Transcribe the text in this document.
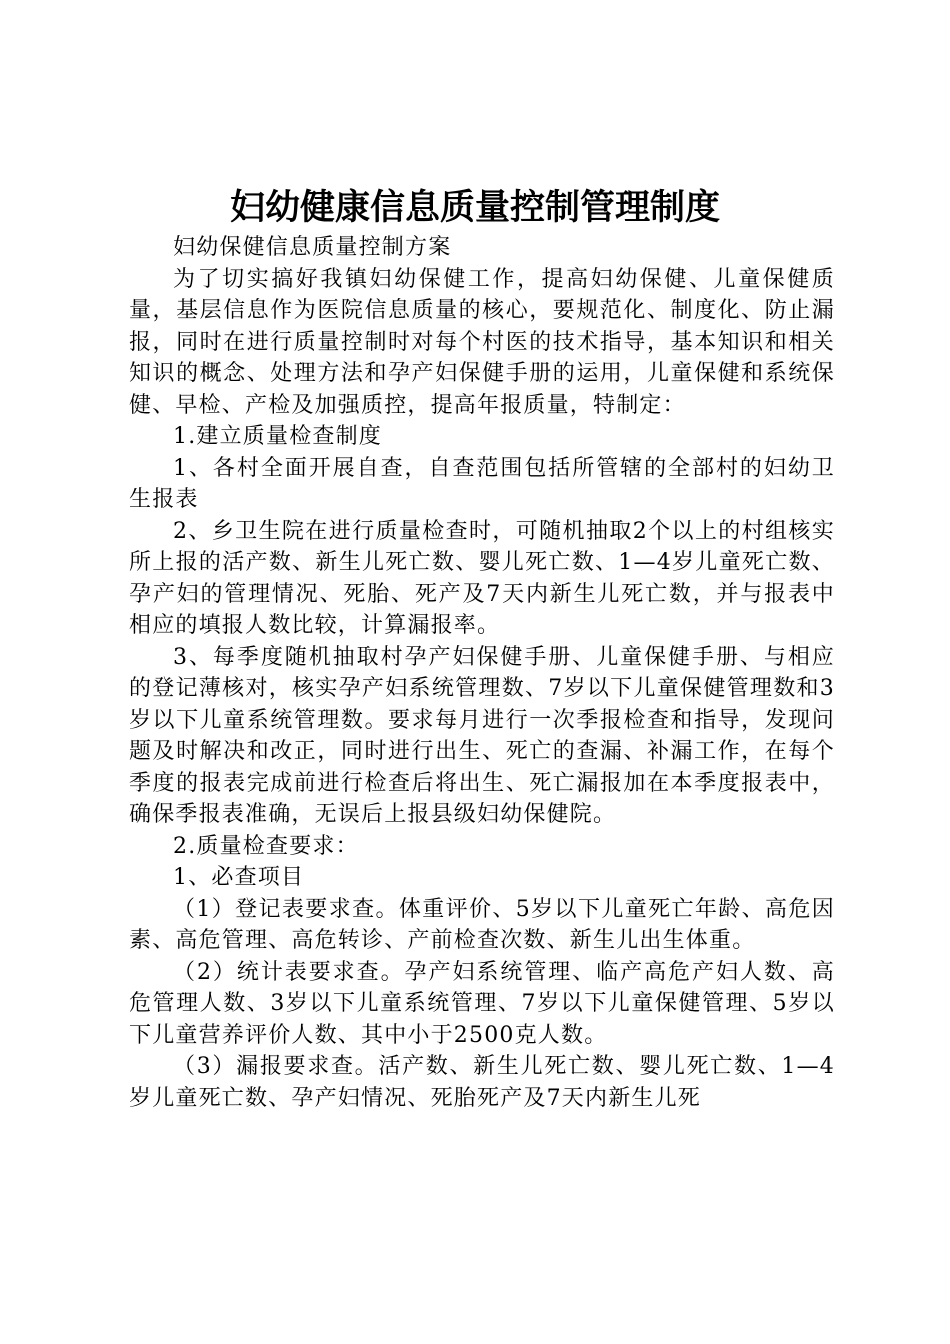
妇幼健康信息质量控制管理制度

妇幼保健信息质量控制方案

为了切实搞好我镇妇幼保健工作，提高妇幼保健、儿童保健质量，基层信息作为医院信息质量的核心，要规范化、制度化、防止漏报，同时在进行质量控制时对每个村医的技术指导，基本知识和相关知识的概念、处理方法和孕产妇保健手册的运用，儿童保健和系统保健、早检、产检及加强质控，提高年报质量，特制定：

1.建立质量检查制度

1、各村全面开展自查，自查范围包括所管辖的全部村的妇幼卫生报表

2、乡卫生院在进行质量检查时，可随机抽取2个以上的村组核实所上报的活产数、新生儿死亡数、婴儿死亡数、1—4岁儿童死亡数、孕产妇的管理情况、死胎、死产及7天内新生儿死亡数，并与报表中相应的填报人数比较，计算漏报率。

3、每季度随机抽取村孕产妇保健手册、儿童保健手册、与相应的登记薄核对，核实孕产妇系统管理数、7岁以下儿童保健管理数和3岁以下儿童系统管理数。要求每月进行一次季报检查和指导，发现问题及时解决和改正，同时进行出生、死亡的查漏、补漏工作，在每个季度的报表完成前进行检查后将出生、死亡漏报加在本季度报表中，确保季报表准确，无误后上报县级妇幼保健院。

2.质量检查要求：

1、必查项目

（1）登记表要求查。体重评价、5岁以下儿童死亡年龄、高危因素、高危管理、高危转诊、产前检查次数、新生儿出生体重。

（2）统计表要求查。孕产妇系统管理、临产高危产妇人数、高危管理人数、3岁以下儿童系统管理、7岁以下儿童保健管理、5岁以下儿童营养评价人数、其中小于2500克人数。

（3）漏报要求查。活产数、新生儿死亡数、婴儿死亡数、1—4岁儿童死亡数、孕产妇情况、死胎死产及7天内新生儿死
